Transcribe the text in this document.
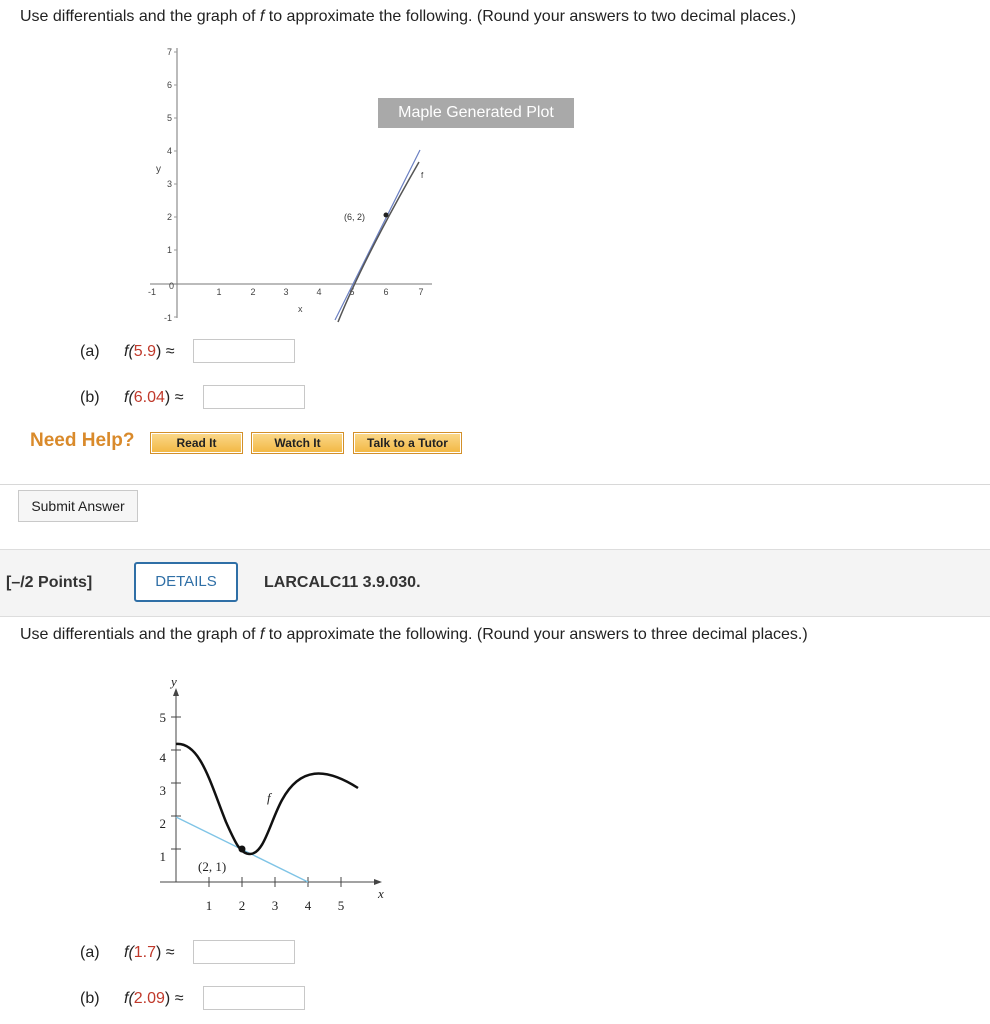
Use differentials and the graph of f to approximate the following. (Round your answers to two decimal places.)
7
6
5
4
3
2
1
0
-1
y
-1	1	2	3	4	5	6	7
x
(6, 2)
f
Maple Generated Plot
(a) f(5.9) ≈
(b) f(6.04) ≈
Need Help?	Read It	Watch It	Talk to a Tutor
Submit Answer
[–/2 Points]	DETAILS	LARCALC11 3.9.030.
Use differentials and the graph of f to approximate the following. (Round your answers to three decimal places.)
5
4
3
2
1
1 2 3 4 5
y
x
(2, 1)
f
(a) f(1.7) ≈
(b) f(2.09) ≈
